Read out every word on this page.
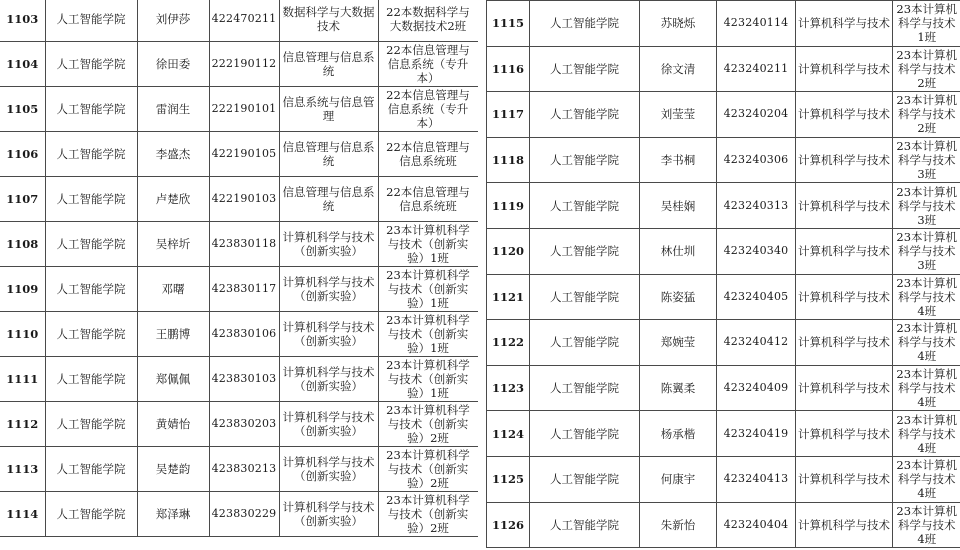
1103	人工智能学院	刘伊莎	422470211	数据科学与大数据技术	22本数据科学与大数据技术2班
1104	人工智能学院	徐田委	222190112	信息管理与信息系统	22本信息管理与信息系统（专升本）
1105	人工智能学院	雷润生	222190101	信息系统与信息管理	22本信息管理与信息系统（专升本）
1106	人工智能学院	李盛杰	422190105	信息管理与信息系统	22本信息管理与信息系统班
1107	人工智能学院	卢楚欣	422190103	信息管理与信息系统	22本信息管理与信息系统班
1108	人工智能学院	吴梓圻	423830118	计算机科学与技术（创新实验）	23本计算机科学与技术（创新实验）1班
1109	人工智能学院	邓曙	423830117	计算机科学与技术（创新实验）	23本计算机科学与技术（创新实验）1班
1110	人工智能学院	王鹏博	423830106	计算机科学与技术（创新实验）	23本计算机科学与技术（创新实验）1班
1111	人工智能学院	郑佩佩	423830103	计算机科学与技术（创新实验）	23本计算机科学与技术（创新实验）1班
1112	人工智能学院	黄婧怡	423830203	计算机科学与技术（创新实验）	23本计算机科学与技术（创新实验）2班
1113	人工智能学院	吴楚韵	423830213	计算机科学与技术（创新实验）	23本计算机科学与技术（创新实验）2班
1114	人工智能学院	郑泽琳	423830229	计算机科学与技术（创新实验）	23本计算机科学与技术（创新实验）2班
1115	人工智能学院	苏晓烁	423240114	计算机科学与技术	23本计算机科学与技术1班
1116	人工智能学院	徐文清	423240211	计算机科学与技术	23本计算机科学与技术2班
1117	人工智能学院	刘莹莹	423240204	计算机科学与技术	23本计算机科学与技术2班
1118	人工智能学院	李书桐	423240306	计算机科学与技术	23本计算机科学与技术3班
1119	人工智能学院	吴桂娴	423240313	计算机科学与技术	23本计算机科学与技术3班
1120	人工智能学院	林仕圳	423240340	计算机科学与技术	23本计算机科学与技术3班
1121	人工智能学院	陈姿猛	423240405	计算机科学与技术	23本计算机科学与技术4班
1122	人工智能学院	郑婉莹	423240412	计算机科学与技术	23本计算机科学与技术4班
1123	人工智能学院	陈翼柔	423240409	计算机科学与技术	23本计算机科学与技术4班
1124	人工智能学院	杨承楷	423240419	计算机科学与技术	23本计算机科学与技术4班
1125	人工智能学院	何康宇	423240413	计算机科学与技术	23本计算机科学与技术4班
1126	人工智能学院	朱新怡	423240404	计算机科学与技术	23本计算机科学与技术4班
